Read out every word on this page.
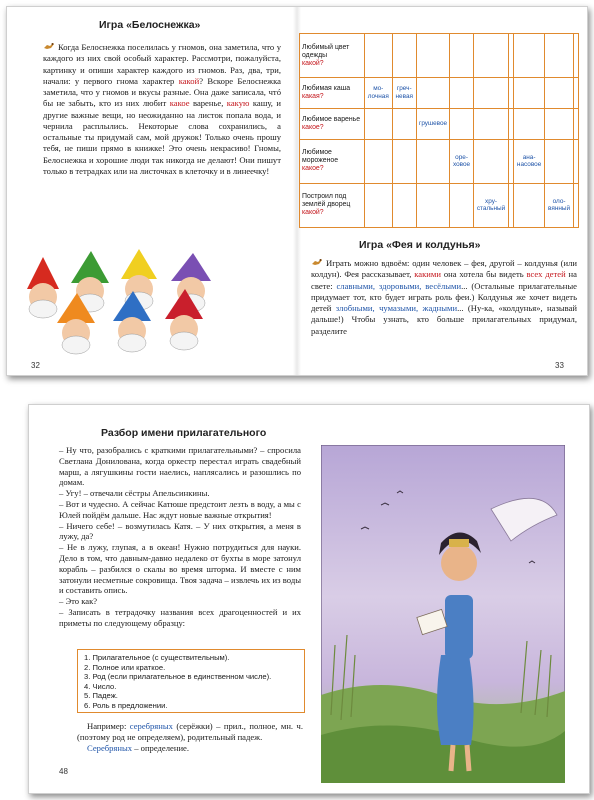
Игра «Белоснежка»
Когда Белоснежка поселилась у гномов, она заметила, что у каждого из них свой особый характер. Рассмотри, пожалуйста, картинку и опиши характер каждого из гномов. Раз, два, три, начали: у первого гнома характер какой? Вскоре Белоснежка заметила, что у гномов и вкусы разные. Она даже записала, чтó бы не забыть, кто из них любит какое варенье, какую кашу, и другие важные вещи, но неожиданно на листок попала вода, и чернила расплылись. Некоторые слова сохранились, а остальные ты придумай сам, мой дружок! Только очень прошу тебя, не пиши прямо в книжке! Это очень некрасиво! Гномы, Белоснежка и хорошие люди так никогда не делают! Они пишут только в тетрадках или на листочках в клеточку и в линеечку!
32
Любимый цвет одежды
какой?									
Любимая каша
какая?	мо-лочная	греч-невая							
Любимое варенье
какое?			грушевое						
Любимое мороженое
какое?				оре-ховое			ана-насовое		
Построил под землёй дворец
какой?					хру-стальный			оло-вянный	
Игра «Фея и колдунья»
Играть можно вдвоём: один человек – фея, другой – колдунья (или колдун). Фея рассказывает, какими она хотела бы видеть всех детей на свете: славными, здоровыми, весёлыми... (Остальные прилагательные придумает тот, кто будет играть роль феи.) Колдунья же хочет видеть детей злобными, чумазыми, жадными... (Ну-ка, «колдунья», называй дальше!) Чтобы узнать, кто больше прилагательных придумал, разделите
33
Разбор имени прилагательного
– Ну что, разобрались с краткими прилагательными? – спросила Светлана Донилована, когда оркестр перестал играть свадебный марш, а лягушкины гости наелись, наплясались и разошлись по домам.
– Угу! – отвечали сёстры Апельсинкины.
– Вот и чудесно. А сейчас Катюше предстоит лезть в воду, а мы с Юлей пойдём дальше. Нас ждут новые важные открытия!
– Ничего себе! – возмутилась Катя. – У них открытия, а меня в лужу, да?
– Не в лужу, глупая, а в океан! Нужно потрудиться для науки. Дело в том, что давным-давно недалеко от бухты в море затонул корабль – разбился о скалы во время шторма. И вместе с ним затонули несметные сокровища. Твоя задача – извлечь их из воды и составить опись.
– Это как?
– Записать в тетрадочку названия всех драгоценностей и их приметы по следующему образцу:
1. Прилагательное (с существительным).
2. Полное или краткое.
3. Род (если прилагательное в единственном числе).
4. Число.
5. Падеж.
6. Роль в предложении.
Например: серебряных (серёжки) – прил., полное, мн. ч. (поэтому род не определяем), родительный падеж.
Серебряных – определение.
48
